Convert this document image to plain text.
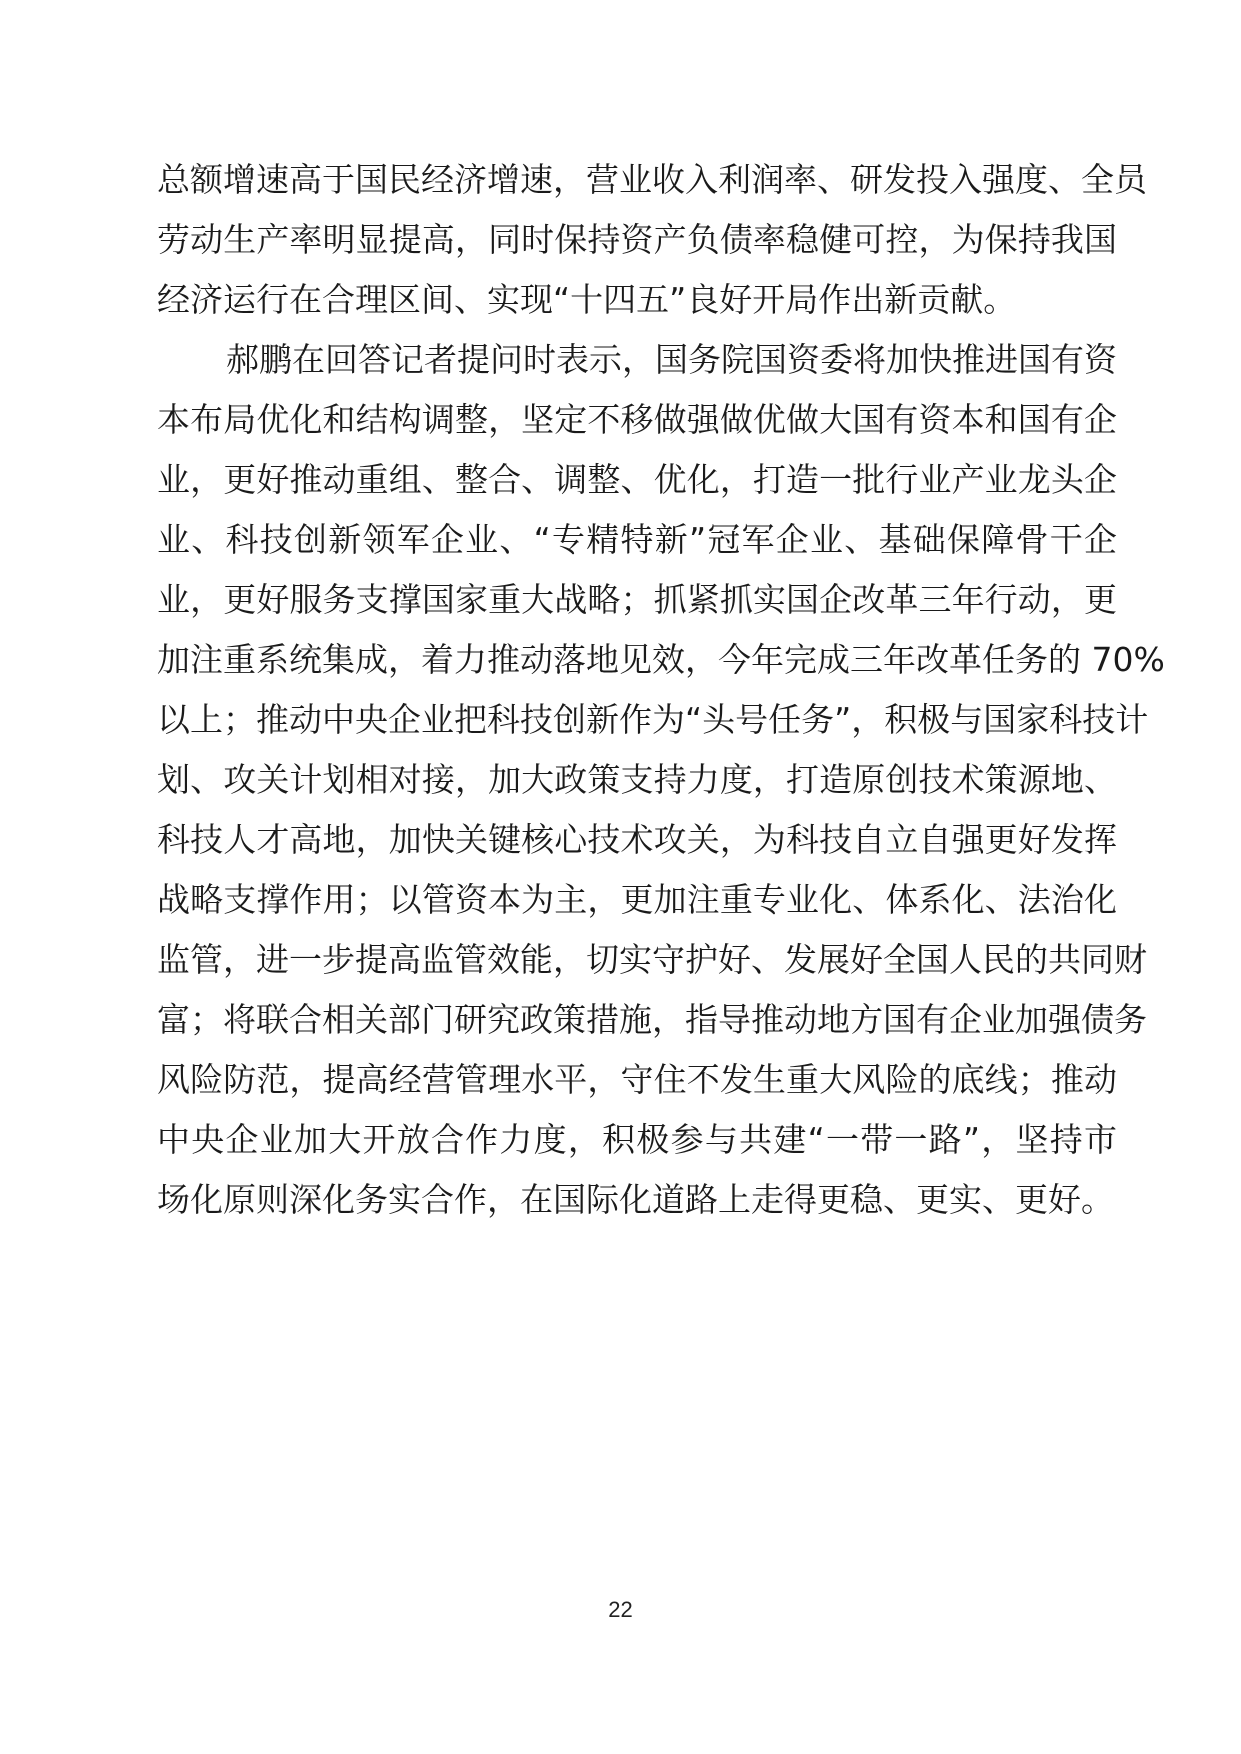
总额增速高于国民经济增速，营业收入利润率、研发投入强度、全员
劳动生产率明显提高，同时保持资产负债率稳健可控，为保持我国
经济运行在合理区间、实现“十四五”良好开局作出新贡献。
郝鹏在回答记者提问时表示，国务院国资委将加快推进国有资
本布局优化和结构调整，坚定不移做强做优做大国有资本和国有企
业，更好推动重组、整合、调整、优化，打造一批行业产业龙头企
业、科技创新领军企业、“专精特新”冠军企业、基础保障骨干企
业，更好服务支撑国家重大战略；抓紧抓实国企改革三年行动，更
加注重系统集成，着力推动落地见效，今年完成三年改革任务的 70%
以上；推动中央企业把科技创新作为“头号任务”，积极与国家科技计
划、攻关计划相对接，加大政策支持力度，打造原创技术策源地、
科技人才高地，加快关键核心技术攻关，为科技自立自强更好发挥
战略支撑作用；以管资本为主，更加注重专业化、体系化、法治化
监管，进一步提高监管效能，切实守护好、发展好全国人民的共同财
富；将联合相关部门研究政策措施，指导推动地方国有企业加强债务
风险防范，提高经营管理水平，守住不发生重大风险的底线；推动
中央企业加大开放合作力度，积极参与共建“一带一路”，坚持市
场化原则深化务实合作，在国际化道路上走得更稳、更实、更好。
22
